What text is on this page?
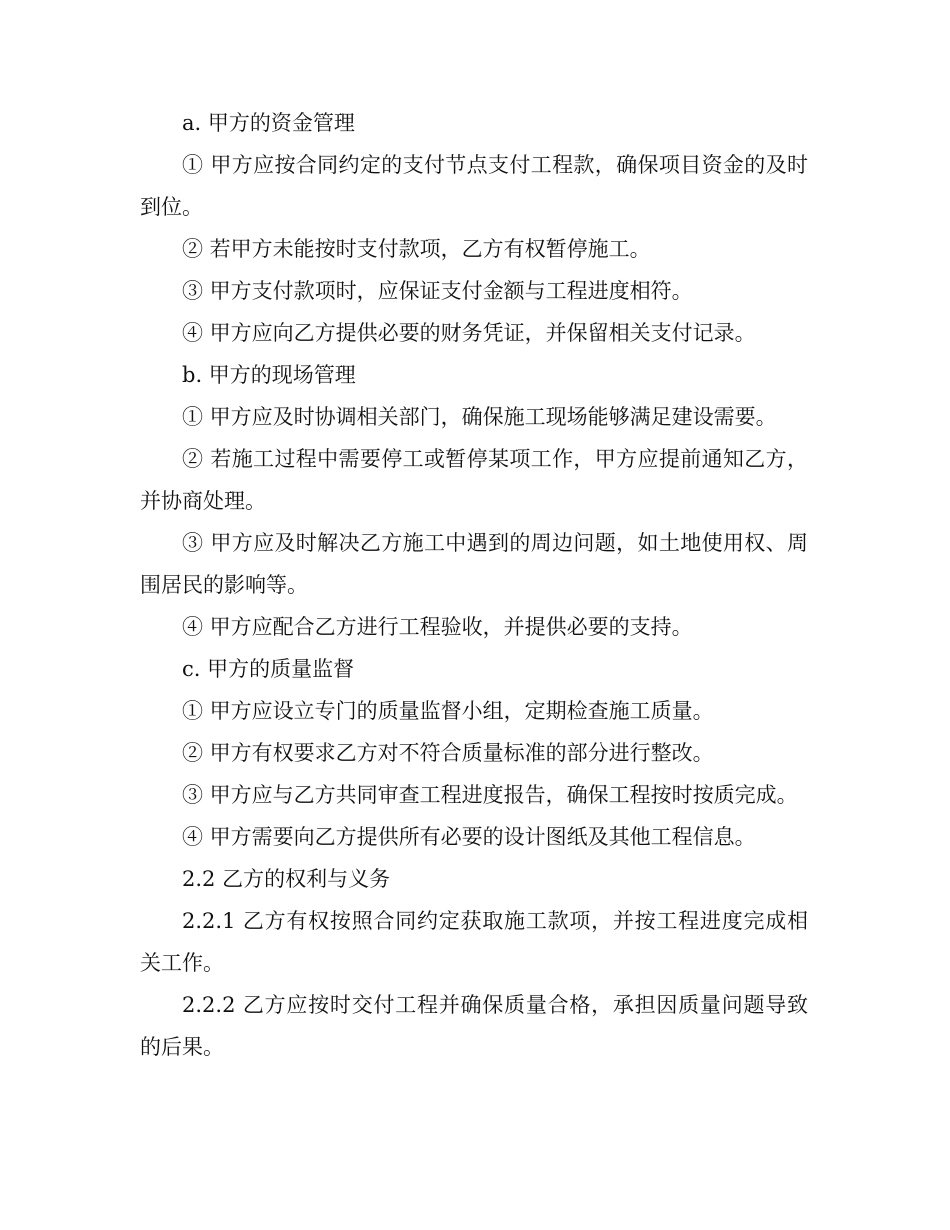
a. 甲方的资金管理

① 甲方应按合同约定的支付节点支付工程款，确保项目资金的及时到位。

② 若甲方未能按时支付款项，乙方有权暂停施工。

③ 甲方支付款项时，应保证支付金额与工程进度相符。

④ 甲方应向乙方提供必要的财务凭证，并保留相关支付记录。

b. 甲方的现场管理

① 甲方应及时协调相关部门，确保施工现场能够满足建设需要。

② 若施工过程中需要停工或暂停某项工作，甲方应提前通知乙方，并协商处理。

③ 甲方应及时解决乙方施工中遇到的周边问题，如土地使用权、周围居民的影响等。

④ 甲方应配合乙方进行工程验收，并提供必要的支持。

c. 甲方的质量监督

① 甲方应设立专门的质量监督小组，定期检查施工质量。

② 甲方有权要求乙方对不符合质量标准的部分进行整改。

③ 甲方应与乙方共同审查工程进度报告，确保工程按时按质完成。

④ 甲方需要向乙方提供所有必要的设计图纸及其他工程信息。

2.2 乙方的权利与义务

2.2.1 乙方有权按照合同约定获取施工款项，并按工程进度完成相关工作。

2.2.2 乙方应按时交付工程并确保质量合格，承担因质量问题导致的后果。
